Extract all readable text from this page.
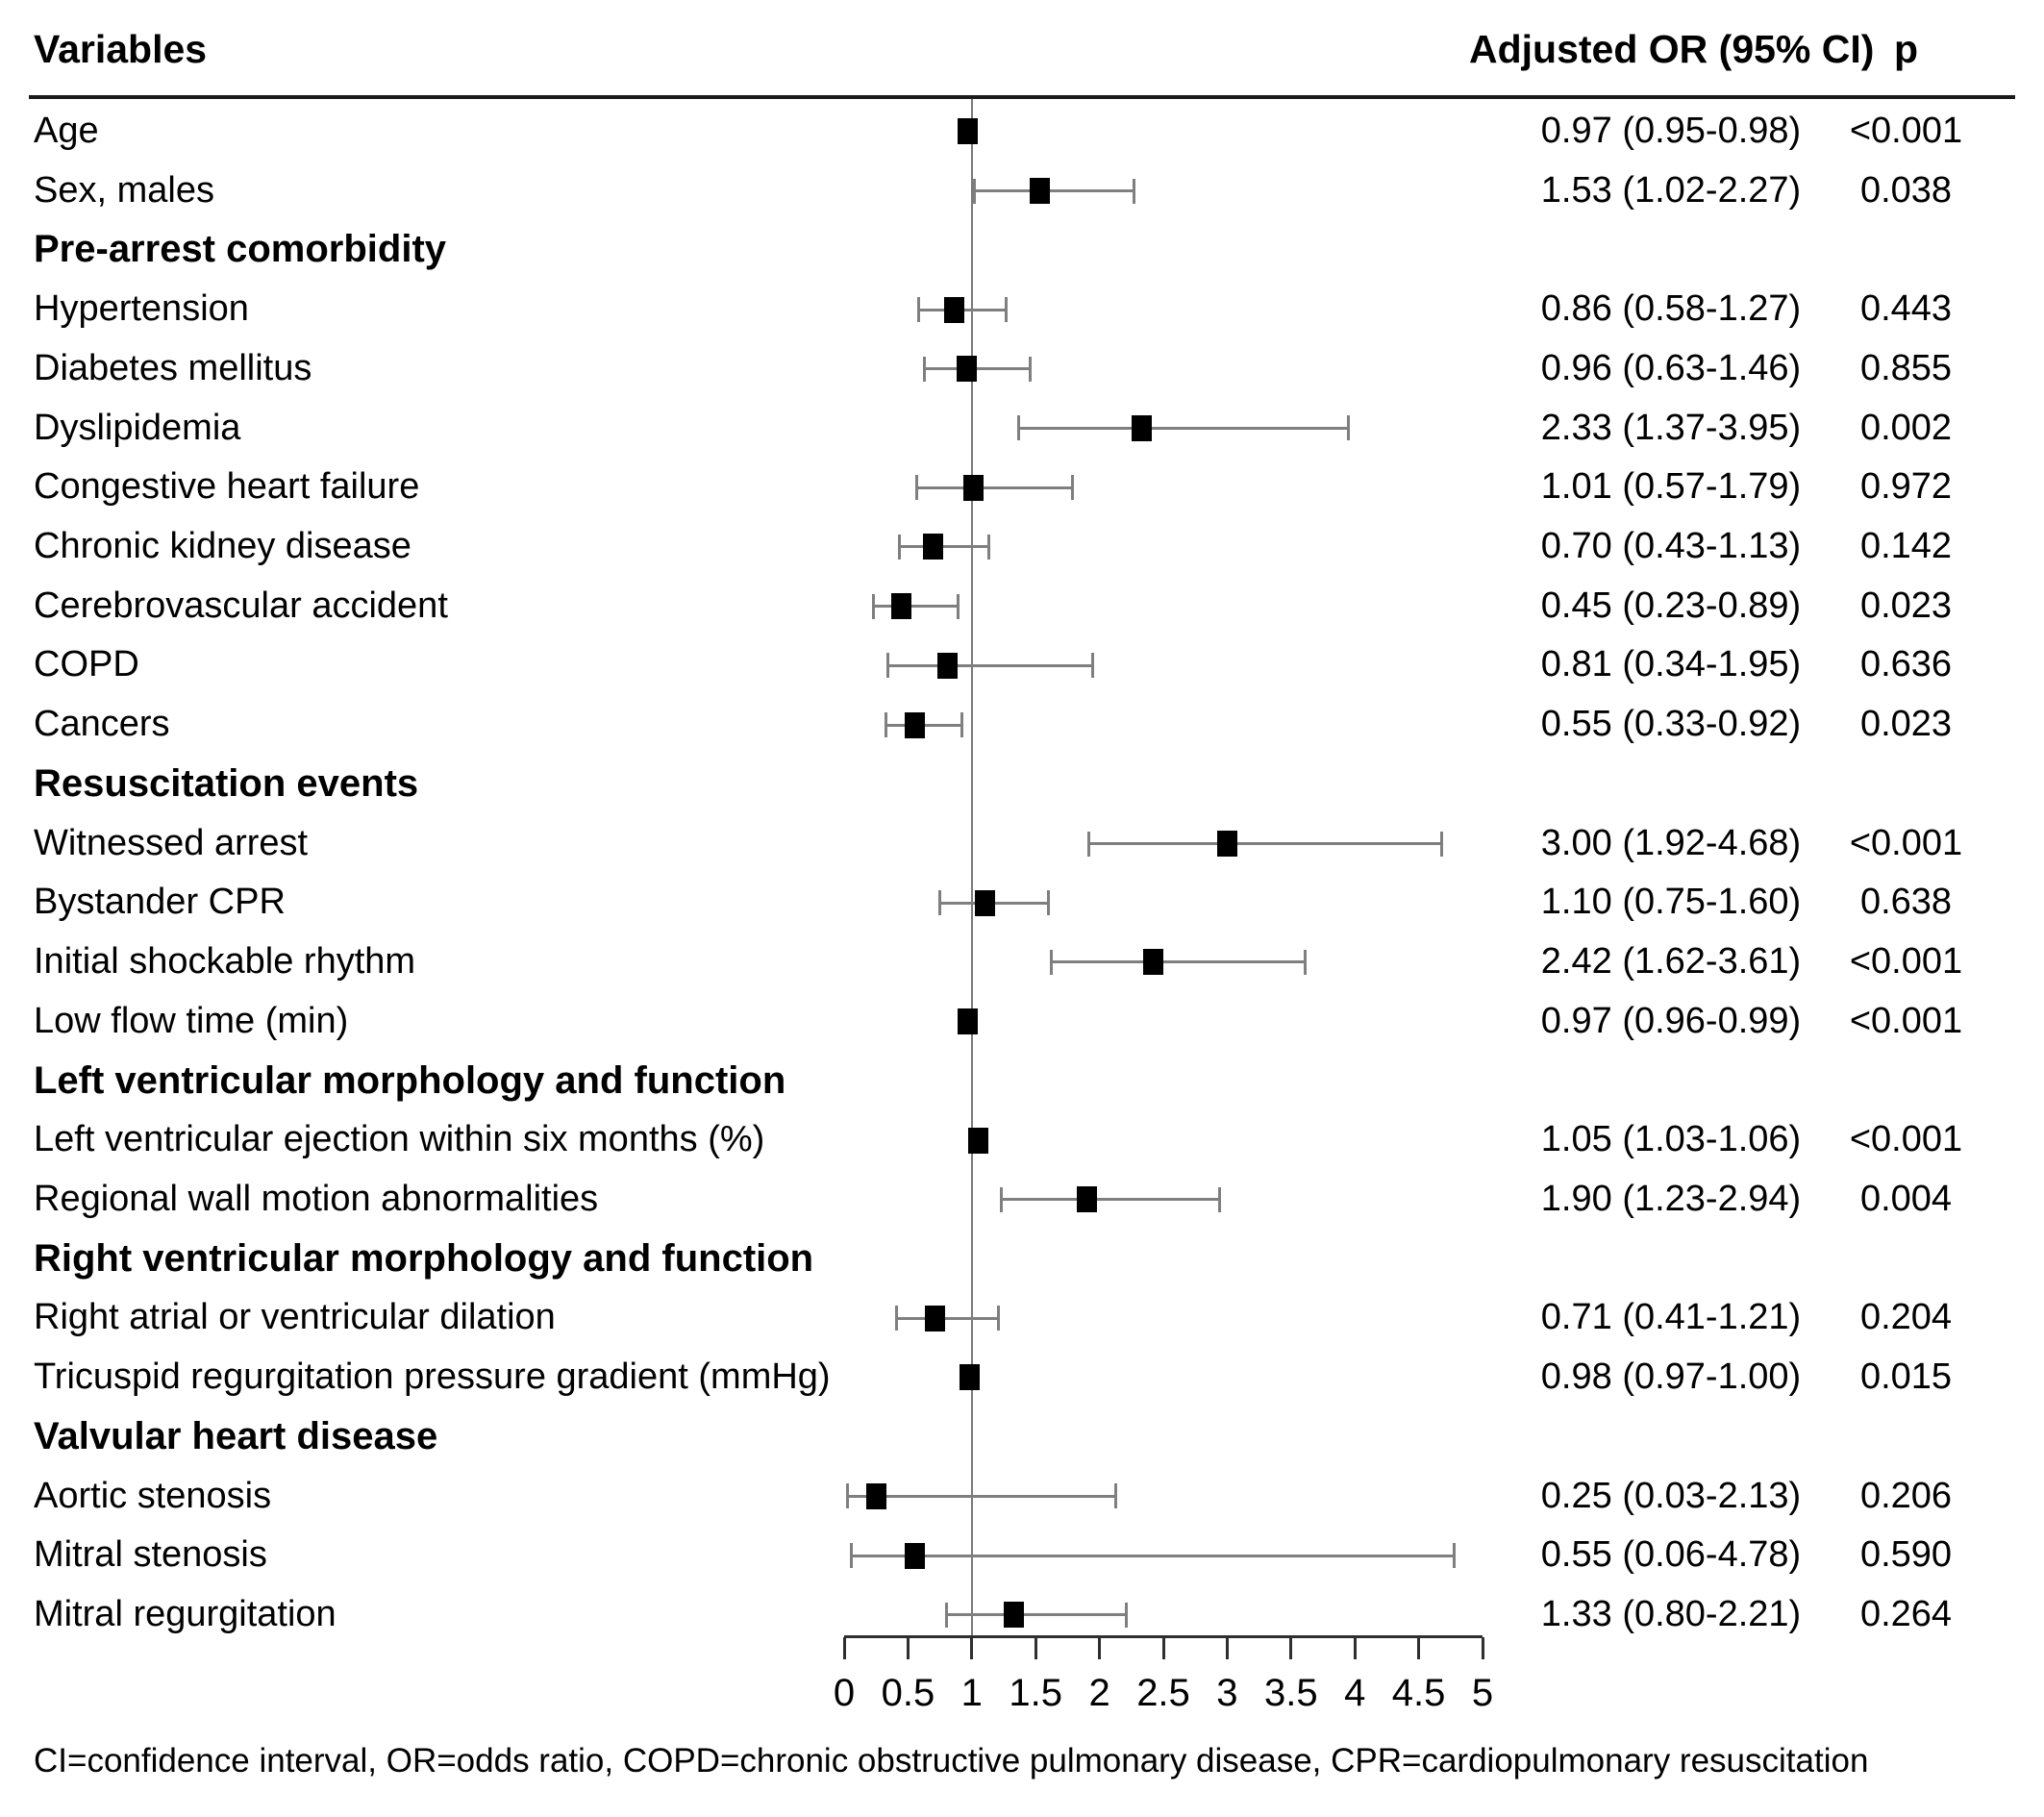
Variables	Adjusted OR (95% CI) p
CI=confidence interval, OR=odds ratio, COPD=chronic obstructive pulmonary disease, CPR=cardiopulmonary resuscitation
Age	0.97 (0.95-0.98)	<0.001
Sex, males	1.53 (1.02-2.27)	0.038
Pre-arrest comorbidity
Hypertension	0.86 (0.58-1.27)	0.443
Diabetes mellitus	0.96 (0.63-1.46)	0.855
Dyslipidemia	2.33 (1.37-3.95)	0.002
Congestive heart failure	1.01 (0.57-1.79)	0.972
Chronic kidney disease	0.70 (0.43-1.13)	0.142
Cerebrovascular accident	0.45 (0.23-0.89)	0.023
COPD	0.81 (0.34-1.95)	0.636
Cancers	0.55 (0.33-0.92)	0.023
Resuscitation events
Witnessed arrest	3.00 (1.92-4.68)	<0.001
Bystander CPR	1.10 (0.75-1.60)	0.638
Initial shockable rhythm	2.42 (1.62-3.61)	<0.001
Low flow time (min)	0.97 (0.96-0.99)	<0.001
Left ventricular morphology and function
Left ventricular ejection within six months (%)	1.05 (1.03-1.06)	<0.001
Regional wall motion abnormalities	1.90 (1.23-2.94)	0.004
Right ventricular morphology and function
Right atrial or ventricular dilation	0.71 (0.41-1.21)	0.204
Tricuspid regurgitation pressure gradient (mmHg)	0.98 (0.97-1.00)	0.015
Valvular heart disease
Aortic stenosis	0.25 (0.03-2.13)	0.206
Mitral stenosis	0.55 (0.06-4.78)	0.590
Mitral regurgitation	1.33 (0.80-2.21)	0.264
0 0.5 1 1.5 2 2.5 3 3.5 4 4.5 5
